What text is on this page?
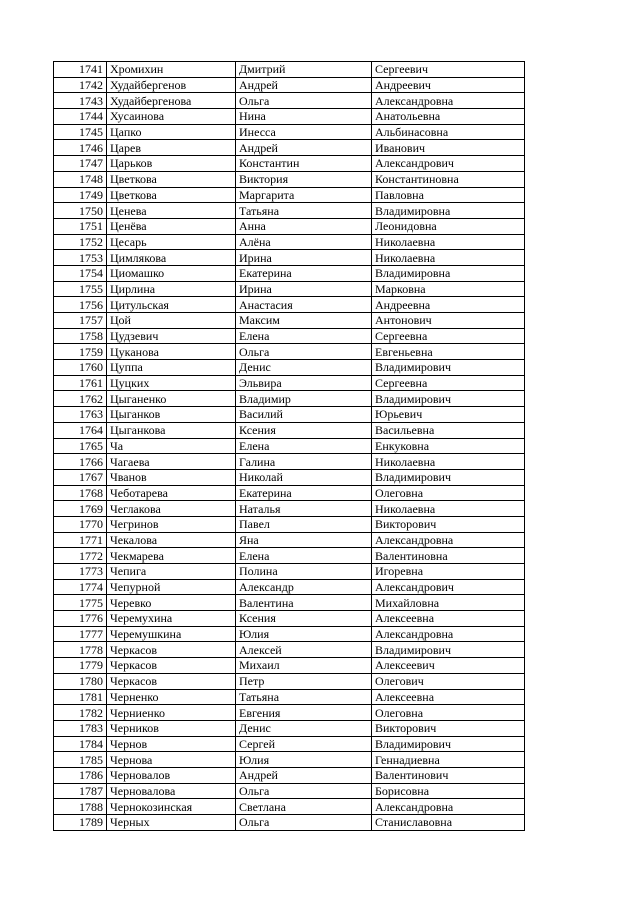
1741	Хромихин	Дмитрий	Сергеевич
1742	Худайбергенов	Андрей	Андреевич
1743	Худайбергенова	Ольга	Александровна
1744	Хусаинова	Нина	Анатольевна
1745	Цапко	Инесса	Альбинасовна
1746	Царев	Андрей	Иванович
1747	Царьков	Константин	Александрович
1748	Цветкова	Виктория	Константиновна
1749	Цветкова	Маргарита	Павловна
1750	Ценева	Татьяна	Владимировна
1751	Ценёва	Анна	Леонидовна
1752	Цесарь	Алёна	Николаевна
1753	Цимлякова	Ирина	Николаевна
1754	Циомашко	Екатерина	Владимировна
1755	Цирлина	Ирина	Марковна
1756	Цитульская	Анастасия	Андреевна
1757	Цой	Максим	Антонович
1758	Цудзевич	Елена	Сергеевна
1759	Цуканова	Ольга	Евгеньевна
1760	Цуппа	Денис	Владимирович
1761	Цуцких	Эльвира	Сергеевна
1762	Цыганенко	Владимир	Владимирович
1763	Цыганков	Василий	Юрьевич
1764	Цыганкова	Ксения	Васильевна
1765	Ча	Елена	Енкуковна
1766	Чагаева	Галина	Николаевна
1767	Чванов	Николай	Владимирович
1768	Чеботарева	Екатерина	Олеговна
1769	Чеглакова	Наталья	Николаевна
1770	Чегринов	Павел	Викторович
1771	Чекалова	Яна	Александровна
1772	Чекмарева	Елена	Валентиновна
1773	Чепига	Полина	Игоревна
1774	Чепурной	Александр	Александрович
1775	Черевко	Валентина	Михайловна
1776	Черемухина	Ксения	Алексеевна
1777	Черемушкина	Юлия	Александровна
1778	Черкасов	Алексей	Владимирович
1779	Черкасов	Михаил	Алексеевич
1780	Черкасов	Петр	Олегович
1781	Черненко	Татьяна	Алексеевна
1782	Черниенко	Евгения	Олеговна
1783	Черников	Денис	Викторович
1784	Чернов	Сергей	Владимирович
1785	Чернова	Юлия	Геннадиевна
1786	Черновалов	Андрей	Валентинович
1787	Черновалова	Ольга	Борисовна
1788	Чернокозинская	Светлана	Александровна
1789	Черных	Ольга	Станиславовна
